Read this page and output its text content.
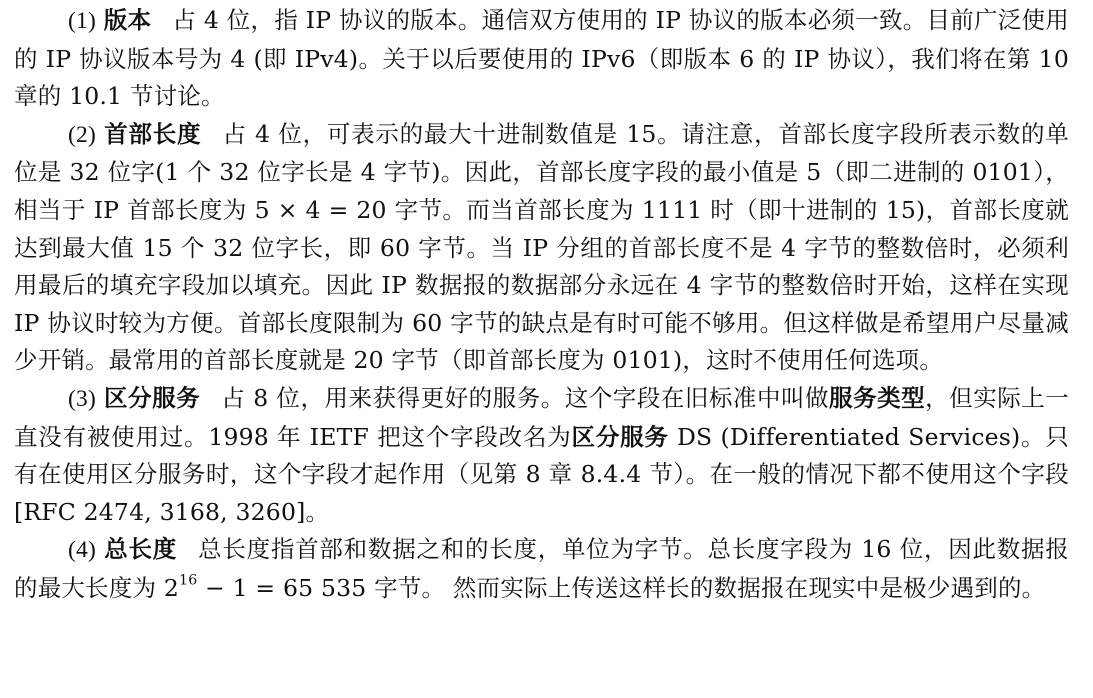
(1) 版本 占 4 位，指 IP 协议的版本。通信双方使用的 IP 协议的版本必须一致。目前广泛使用的 IP 协议版本号为 4 (即 IPv4)。关于以后要使用的 IPv6（即版本 6 的 IP 协议），我们将在第 10 章的 10.1 节讨论。

(2) 首部长度 占 4 位，可表示的最大十进制数值是 15。请注意，首部长度字段所表示数的单位是 32 位字(1 个 32 位字长是 4 字节)。因此，首部长度字段的最小值是 5（即二进制的 0101），相当于 IP 首部长度为 5 × 4 = 20 字节。而当首部长度为 1111 时（即十进制的 15)，首部长度就达到最大值 15 个 32 位字长，即 60 字节。当 IP 分组的首部长度不是 4 字节的整数倍时，必须利用最后的填充字段加以填充。因此 IP 数据报的数据部分永远在 4 字节的整数倍时开始，这样在实现 IP 协议时较为方便。首部长度限制为 60 字节的缺点是有时可能不够用。但这样做是希望用户尽量减少开销。最常用的首部长度就是 20 字节（即首部长度为 0101)，这时不使用任何选项。

(3) 区分服务 占 8 位，用来获得更好的服务。这个字段在旧标准中叫做服务类型，但实际上一直没有被使用过。1998 年 IETF 把这个字段改名为区分服务 DS (Differentiated Services)。只有在使用区分服务时，这个字段才起作用（见第 8 章 8.4.4 节）。在一般的情况下都不使用这个字段[RFC 2474, 3168, 3260]。

(4) 总长度 总长度指首部和数据之和的长度，单位为字节。总长度字段为 16 位，因此数据报的最大长度为 $2^{16} - 1 = 65$ 535 字节。 然而实际上传送这样长的数据报在现实中是极少遇到的。
